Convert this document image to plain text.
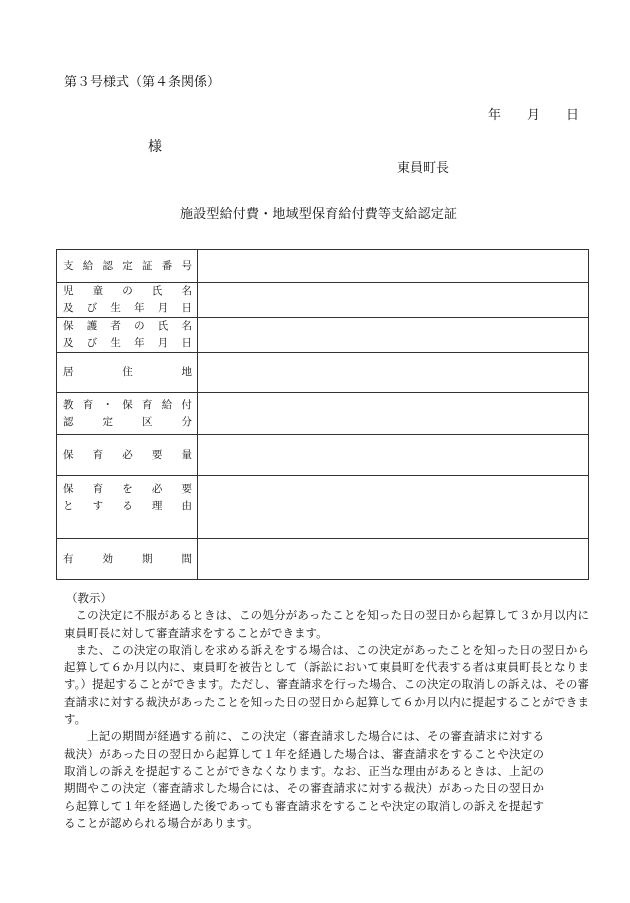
第３号様式（第４条関係）
年 月 日
様
東員町長
施設型給付費・地域型保育給付費等支給認定証
支給認定証番号	

児童の氏名
及び生年月日	

保護者の氏名
及び生年月日	

居住地	

教育・保育給付
認定区分	

保育必要量	

保育を必要
とする理由	

有効期間	

（教示）

この決定に不服があるときは、この処分があったことを知った日の翌日から起算して３か月以内に東員町長に対して審査請求をすることができます。

また、この決定の取消しを求める訴えをする場合は、この決定があったことを知った日の翌日から起算して６か月以内に、東員町を被告として（訴訟において東員町を代表する者は東員町長となります。）提起することができます。ただし、審査請求を行った場合、この決定の取消しの訴えは、その審査請求に対する裁決があったことを知った日の翌日から起算して６か月以内に提起することができます。

上記の期間が経過する前に、この決定（審査請求した場合には、その審査請求に対する裁決）があった日の翌日から起算して１年を経過した場合は、審査請求をすることや決定の取消しの訴えを提起することができなくなります。なお、正当な理由があるときは、上記の期間やこの決定（審査請求した場合には、その審査請求に対する裁決）があった日の翌日から起算して１年を経過した後であっても審査請求をすることや決定の取消しの訴えを提起することが認められる場合があります。
